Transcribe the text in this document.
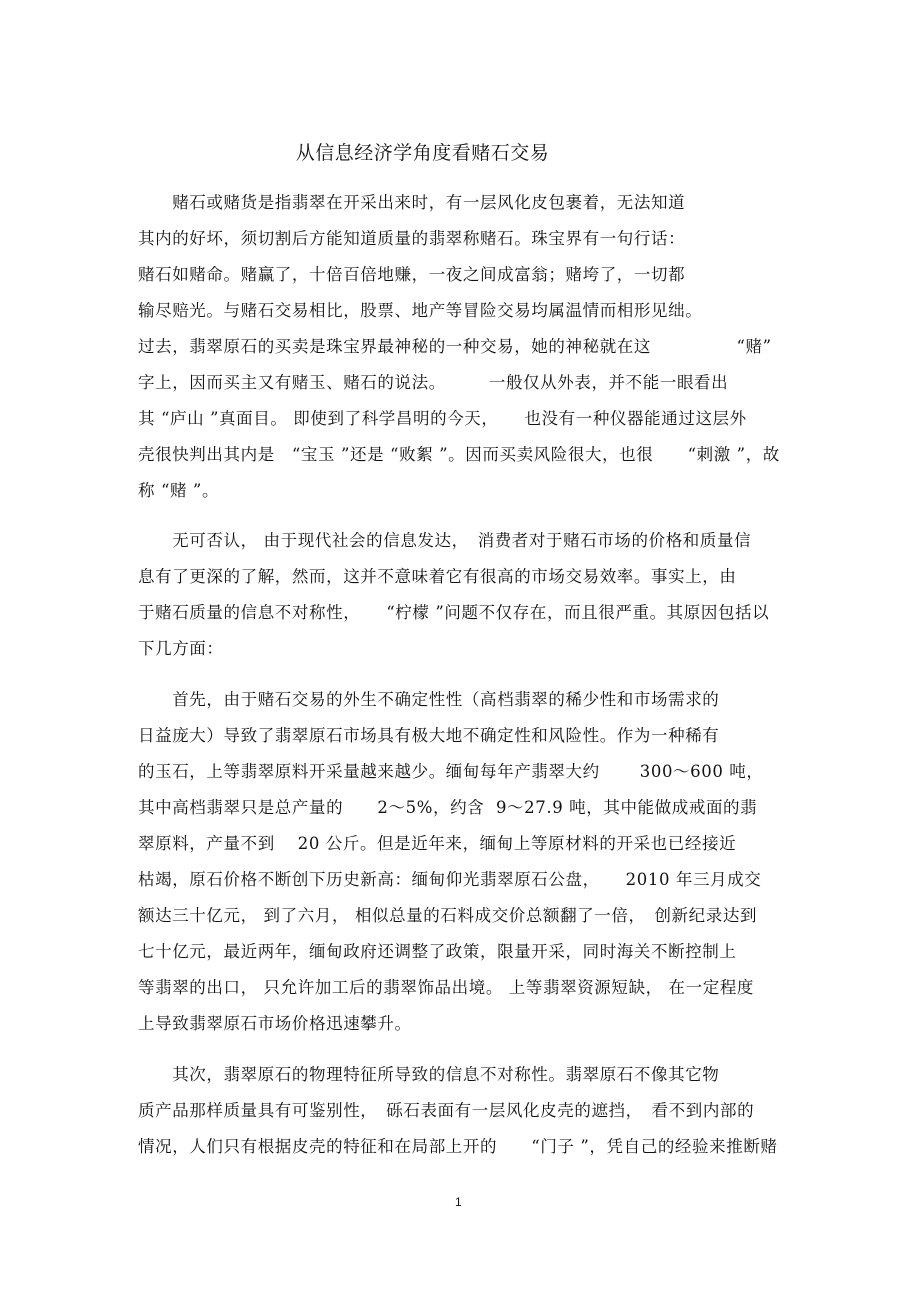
从信息经济学角度看赌石交易
　　赌石或赌货是指翡翠在开采出来时，有一层风化皮包裹着，无法知道
其内的好坏，须切割后方能知道质量的翡翠称赌石。珠宝界有一句行话：
赌石如赌命。赌赢了，十倍百倍地赚，一夜之间成富翁；赌垮了，一切都
输尽赔光。与赌石交易相比，股票、地产等冒险交易均属温情而相形见绌。
过去，翡翠原石的买卖是珠宝界最神秘的一种交易，她的神秘就在这　　　　　“赌”
字上，因而买主又有赌玉、赌石的说法。　　　一般仅从外表，并不能一眼看出
其 “庐山 ”真面目。 即使到了科学昌明的今天，　　也没有一种仪器能通过这层外
壳很快判出其内是　“宝玉 ”还是 “败絮 ”。因而买卖风险很大，也很　　“刺激 ”，故
称 “赌 ”。
　　无可否认， 由于现代社会的信息发达，　消费者对于赌石市场的价格和质量信
息有了更深的了解，然而，这并不意味着它有很高的市场交易效率。事实上，由
于赌石质量的信息不对称性，　　“柠檬 ”问题不仅存在，而且很严重。其原因包括以
下几方面：
　　首先，由于赌石交易的外生不确定性性（高档翡翠的稀少性和市场需求的
日益庞大）导致了翡翠原石市场具有极大地不确定性和风险性。作为一种稀有
的玉石，上等翡翠原料开采量越来越少。缅甸每年产翡翠大约　　 300～600 吨，
其中高档翡翠只是总产量的　　2～5%，约含  9～27.9 吨，其中能做成戒面的翡
翠原料，产量不到　 20 公斤。但是近年来，缅甸上等原材料的开采也已经接近
枯竭，原石价格不断创下历史新高：缅甸仰光翡翠原石公盘，　　2010 年三月成交
额达三十亿元， 到了六月， 相似总量的石料成交价总额翻了一倍，　创新纪录达到
七十亿元，最近两年，缅甸政府还调整了政策，限量开采，同时海关不断控制上
等翡翠的出口， 只允许加工后的翡翠饰品出境。 上等翡翠资源短缺， 在一定程度
上导致翡翠原石市场价格迅速攀升。
　　其次，翡翠原石的物理特征所导致的信息不对称性。翡翠原石不像其它物
质产品那样质量具有可鉴别性，　砾石表面有一层风化皮壳的遮挡，　看不到内部的
情况，人们只有根据皮壳的特征和在局部上开的　　“门子 ”，凭自己的经验来推断赌
1
